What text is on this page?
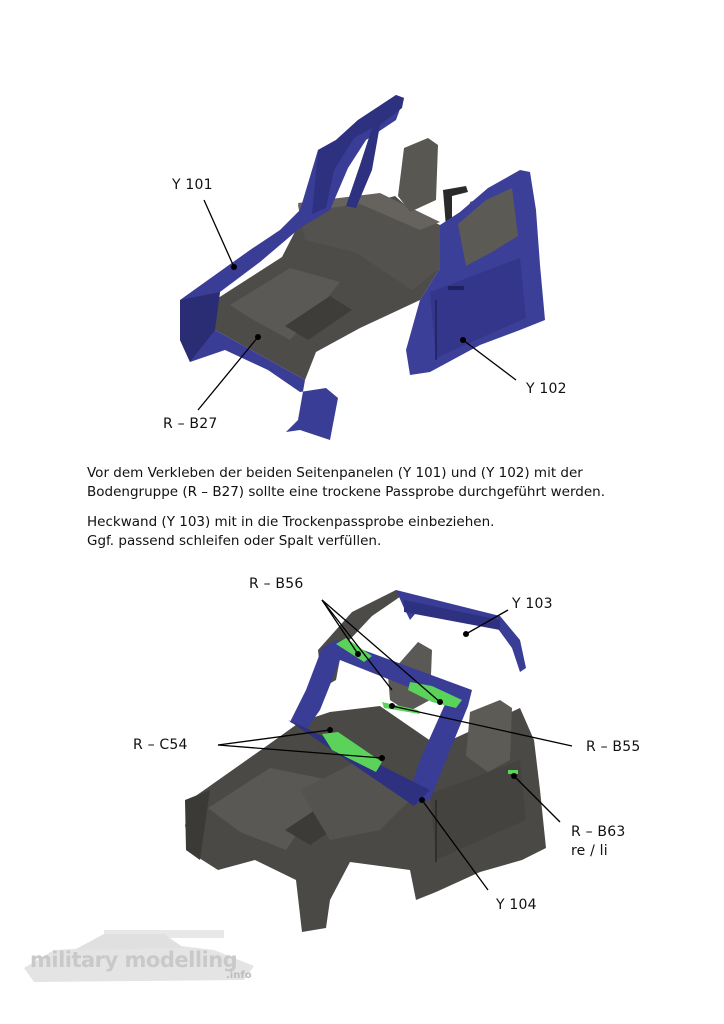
Y 101
Y 102
R – B27
Vor dem Verkleben der beiden Seitenpanelen (Y 101) und (Y 102) mit der
Bodengruppe (R – B27) sollte eine trockene Passprobe durchgeführt werden.
Heckwand (Y 103) mit in die Trockenpassprobe einbeziehen.
Ggf. passend schleifen oder Spalt verfüllen.
R – B56
Y 103
R – C54	R – B55
R – B63
re / li
Y 104
military modelling
.info
